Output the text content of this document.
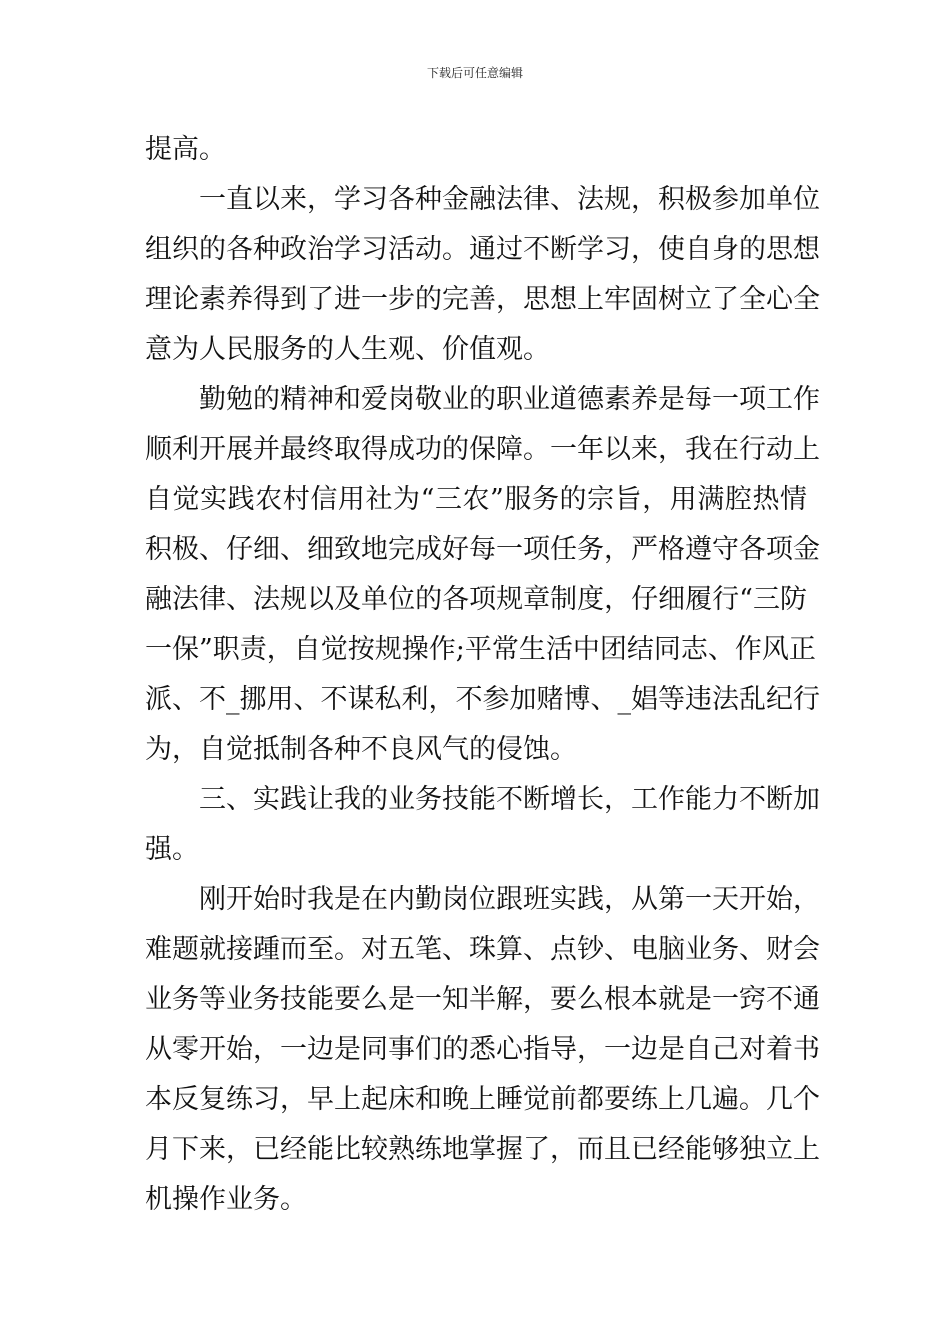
下载后可任意编辑
提高。
一直以来，学习各种金融法律、法规，积极参加单位
组织的各种政治学习活动。通过不断学习，使自身的思想
理论素养得到了进一步的完善，思想上牢固树立了全心全
意为人民服务的人生观、价值观。
勤勉的精神和爱岗敬业的职业道德素养是每一项工作
顺利开展并最终取得成功的保障。一年以来，我在行动上
自觉实践农村信用社为“三农”服务的宗旨，用满腔热情
积极、仔细、细致地完成好每一项任务，严格遵守各项金
融法律、法规以及单位的各项规章制度，仔细履行“三防
一保”职责，自觉按规操作;平常生活中团结同志、作风正
派、不_挪用、不谋私利，不参加赌博、_娼等违法乱纪行
为，自觉抵制各种不良风气的侵蚀。
三、实践让我的业务技能不断增长，工作能力不断加
强。
刚开始时我是在内勤岗位跟班实践，从第一天开始，
难题就接踵而至。对五笔、珠算、点钞、电脑业务、财会
业务等业务技能要么是一知半解，要么根本就是一窍不通
从零开始，一边是同事们的悉心指导，一边是自己对着书
本反复练习，早上起床和晚上睡觉前都要练上几遍。几个
月下来，已经能比较熟练地掌握了，而且已经能够独立上
机操作业务。
